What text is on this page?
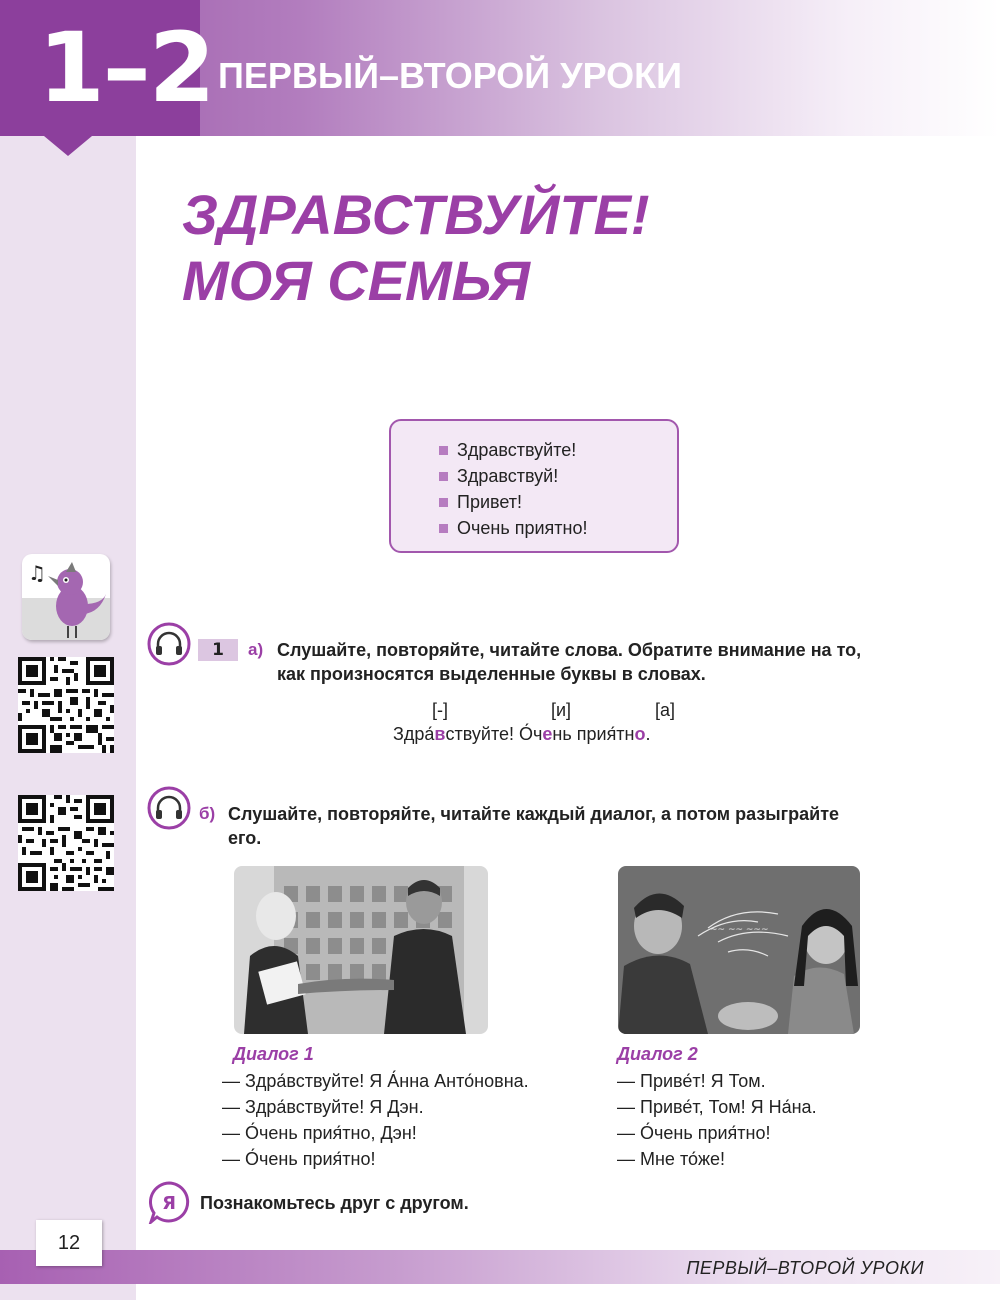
1–2 ПЕРВЫЙ–ВТОРОЙ УРОКИ
ЗДРАВСТВУЙТЕ!
МОЯ СЕМЬЯ
Здравствуйте!
Здравствуй!
Привет!
Очень приятно!
♫
1	а) Слушайте, повторяйте, читайте слова. Обратите внимание на то,
как произносятся выделенные буквы в словах.
[-]	[и]	[а]
Здра́вствуйте! О́чень прия́тно.
б) Слушайте, повторяйте, читайте каждый диалог, а потом разыграйте
его.
~~ ~~ ~~~
Диалог 1
— Здра́вствуйте! Я А́нна Анто́новна.
— Здра́вствуйте! Я Дэн.
— О́чень прия́тно, Дэн!
— О́чень прия́тно!
Диалог 2
— Приве́т! Я Том.
— Приве́т, Том! Я На́на.
— О́чень прия́тно!
— Мне то́же!
Я Познакомьтесь друг с другом.
12
ПЕРВЫЙ–ВТОРОЙ УРОКИ
